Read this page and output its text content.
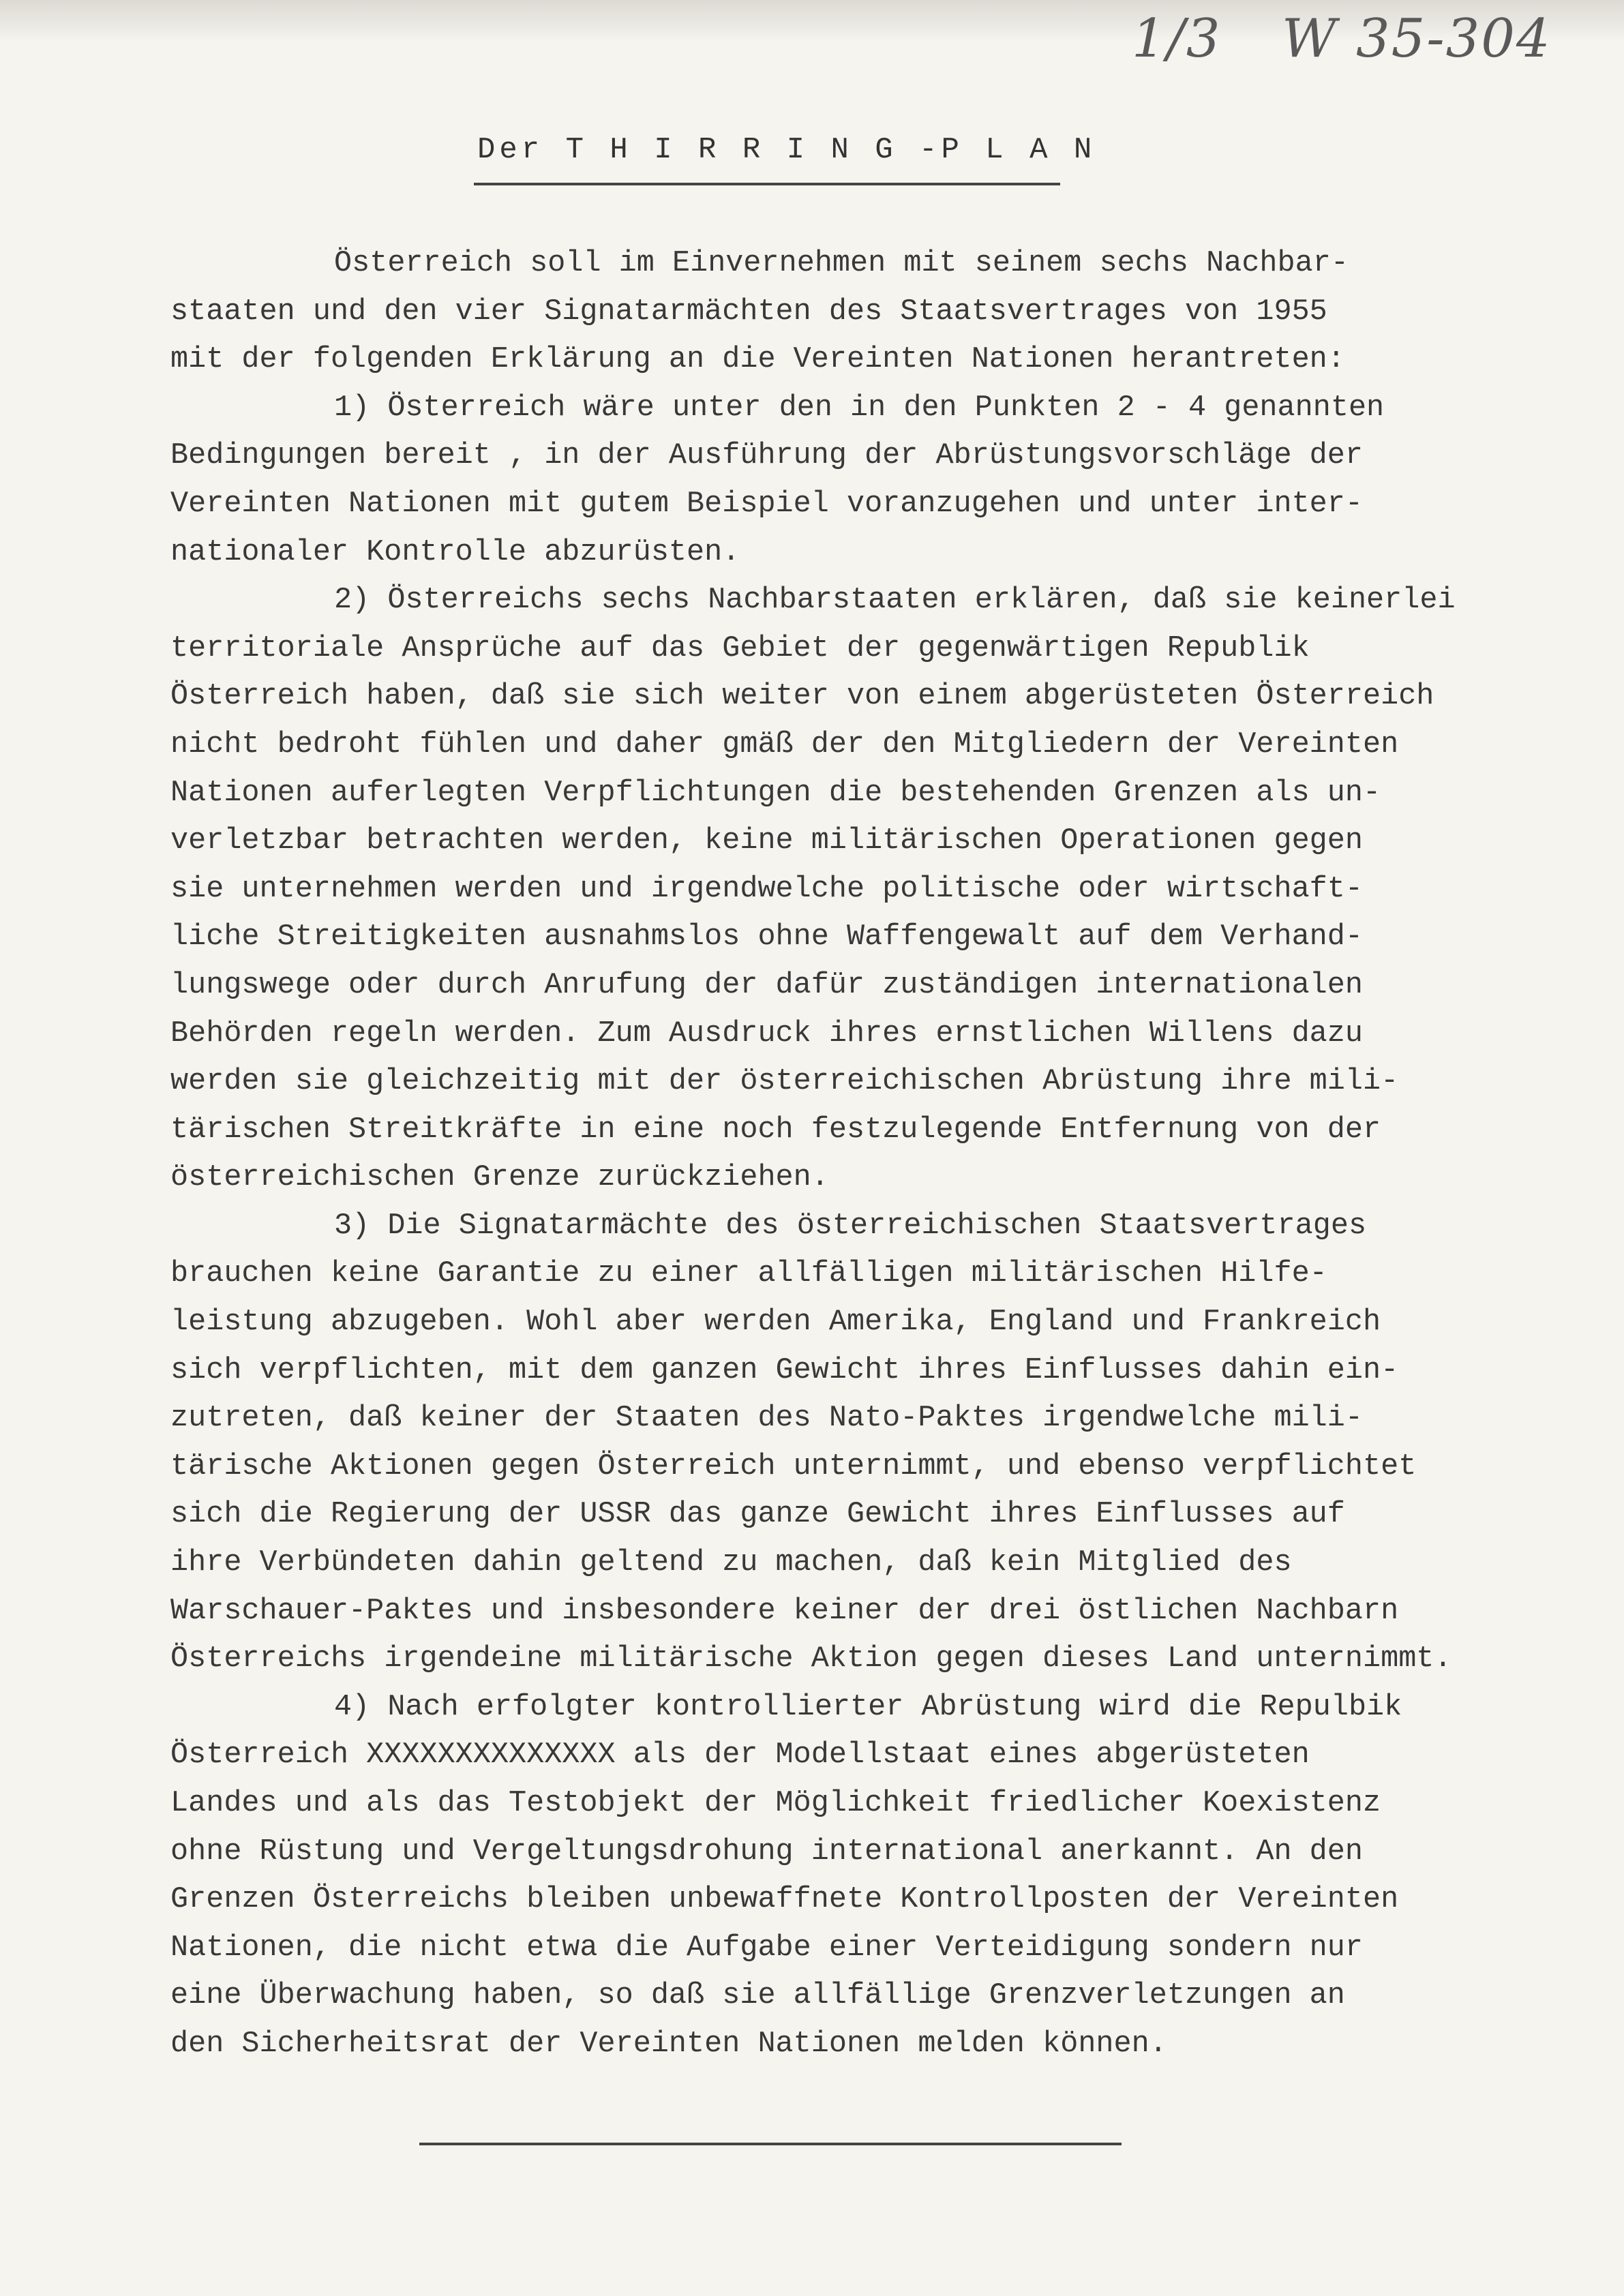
1/3 W 35-304
Der T H I R R I N G -P L A N
Österreich soll im Einvernehmen mit seinem sechs Nachbar-
staaten und den vier Signatarmächten des Staatsvertrages von 1955
mit der folgenden Erklärung an die Vereinten Nationen herantreten:
1) Österreich wäre unter den in den Punkten 2 - 4 genannten
Bedingungen bereit , in der Ausführung der Abrüstungsvorschläge der
Vereinten Nationen mit gutem Beispiel voranzugehen und unter inter-
nationaler Kontrolle abzurüsten.
2) Österreichs sechs Nachbarstaaten erklären, daß sie keinerlei
territoriale Ansprüche auf das Gebiet der gegenwärtigen Republik
Österreich haben, daß sie sich weiter von einem abgerüsteten Österreich
nicht bedroht fühlen und daher gmäß der den Mitgliedern der Vereinten
Nationen auferlegten Verpflichtungen die bestehenden Grenzen als un-
verletzbar betrachten werden, keine militärischen Operationen gegen
sie unternehmen werden und irgendwelche politische oder wirtschaft-
liche Streitigkeiten ausnahmslos ohne Waffengewalt auf dem Verhand-
lungswege oder durch Anrufung der dafür zuständigen internationalen
Behörden regeln werden. Zum Ausdruck ihres ernstlichen Willens dazu
werden sie gleichzeitig mit der österreichischen Abrüstung ihre mili-
tärischen Streitkräfte in eine noch festzulegende Entfernung von der
österreichischen Grenze zurückziehen.
3) Die Signatarmächte des österreichischen Staatsvertrages
brauchen keine Garantie zu einer allfälligen militärischen Hilfe-
leistung abzugeben. Wohl aber werden Amerika, England und Frankreich
sich verpflichten, mit dem ganzen Gewicht ihres Einflusses dahin ein-
zutreten, daß keiner der Staaten des Nato-Paktes irgendwelche mili-
tärische Aktionen gegen Österreich unternimmt, und ebenso verpflichtet
sich die Regierung der USSR das ganze Gewicht ihres Einflusses auf
ihre Verbündeten dahin geltend zu machen, daß kein Mitglied des
Warschauer-Paktes und insbesondere keiner der drei östlichen Nachbarn
Österreichs irgendeine militärische Aktion gegen dieses Land unternimmt.
4) Nach erfolgter kontrollierter Abrüstung wird die Repulbik
Österreich XXXXXXXXXXXXXX als der Modellstaat eines abgerüsteten
Landes und als das Testobjekt der Möglichkeit friedlicher Koexistenz
ohne Rüstung und Vergeltungsdrohung international anerkannt. An den
Grenzen Österreichs bleiben unbewaffnete Kontrollposten der Vereinten
Nationen, die nicht etwa die Aufgabe einer Verteidigung sondern nur
eine Überwachung haben, so daß sie allfällige Grenzverletzungen an
den Sicherheitsrat der Vereinten Nationen melden können.
